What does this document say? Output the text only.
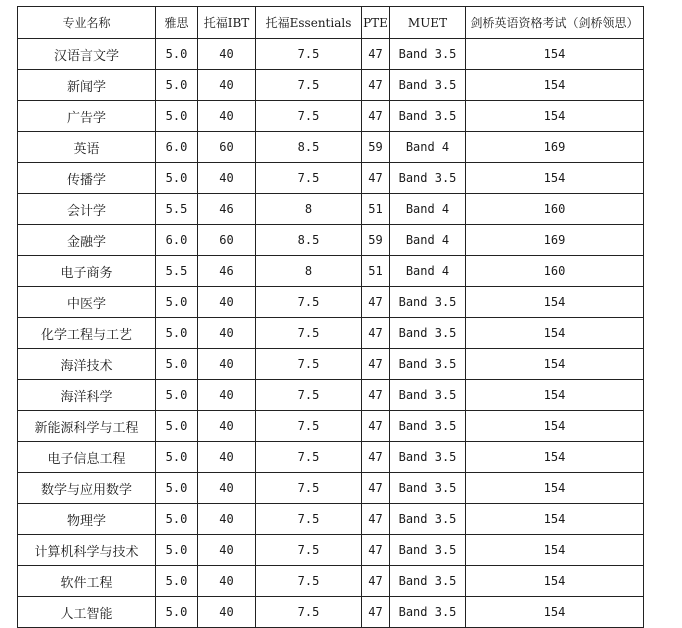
专业名称	雅思	托福IBT	托福Essentials	PTE	MUET	剑桥英语资格考试（剑桥领思）
汉语言文学	5.0	40	7.5	47	Band 3.5	154
新闻学	5.0	40	7.5	47	Band 3.5	154
广告学	5.0	40	7.5	47	Band 3.5	154
英语	6.0	60	8.5	59	Band 4	169
传播学	5.0	40	7.5	47	Band 3.5	154
会计学	5.5	46	8	51	Band 4	160
金融学	6.0	60	8.5	59	Band 4	169
电子商务	5.5	46	8	51	Band 4	160
中医学	5.0	40	7.5	47	Band 3.5	154
化学工程与工艺	5.0	40	7.5	47	Band 3.5	154
海洋技术	5.0	40	7.5	47	Band 3.5	154
海洋科学	5.0	40	7.5	47	Band 3.5	154
新能源科学与工程	5.0	40	7.5	47	Band 3.5	154
电子信息工程	5.0	40	7.5	47	Band 3.5	154
数学与应用数学	5.0	40	7.5	47	Band 3.5	154
物理学	5.0	40	7.5	47	Band 3.5	154
计算机科学与技术	5.0	40	7.5	47	Band 3.5	154
软件工程	5.0	40	7.5	47	Band 3.5	154
人工智能	5.0	40	7.5	47	Band 3.5	154
